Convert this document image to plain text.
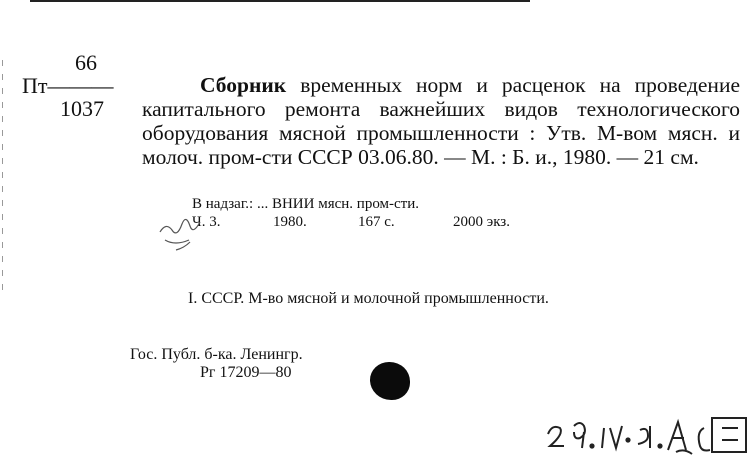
66
Пт———
1037

Сборник временных норм и расценок на проведение капитального ремонта важнейших видов технологического оборудования мясной промышленности : Утв. М-вом мясн. и молоч. пром-сти СССР 03.06.80. — М. : Б. и., 1980. — 21 см.

В надзаг.: ... ВНИИ мясн. пром-сти.
Ч. 3.	1980.	167 с.	2000 экз.
I. СССР. М-во мясной и молочной промышленности.
Гос. Публ. б-ка. Ленингр.
Рг 17209—80
29.IV.81. А ЭБ
